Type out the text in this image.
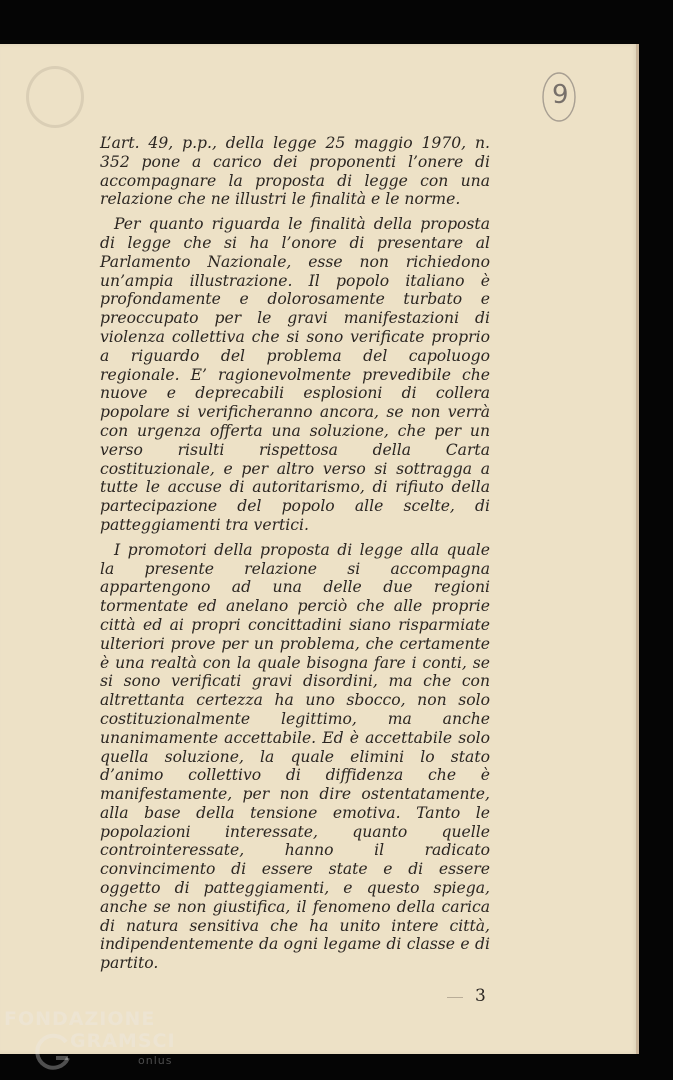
9

L’art. 49, p.p., della legge 25 maggio 1970, n. 352 pone a carico dei proponenti l’onere di accompagnare la proposta di legge con una relazione che ne illustri le finalità e le norme.

Per quanto riguarda le finalità della proposta di legge che si ha l’onore di presentare al Parlamento Nazionale, esse non richiedono un’ampia illustrazione. Il popolo italiano è profondamente e dolorosamente turbato e preoccupato per le gravi manifestazioni di violenza collettiva che si sono verificate proprio a riguardo del problema del capoluogo regionale. E’ ragionevolmente prevedibile che nuove e deprecabili esplosioni di collera popolare si verificheranno ancora, se non verrà con urgenza offerta una soluzione, che per un verso risulti rispettosa della Carta costituzionale, e per altro verso si sottragga a tutte le accuse di autoritarismo, di rifiuto della partecipazione del popolo alle scelte, di patteggiamenti tra vertici.

I promotori della proposta di legge alla quale la presente relazione si accompagna appartengono ad una delle due regioni tormentate ed anelano perciò che alle proprie città ed ai propri concittadini siano risparmiate ulteriori prove per un problema, che certamente è una realtà con la quale bisogna fare i conti, se si sono verificati gravi disordini, ma che con altrettanta certezza ha uno sbocco, non solo costituzionalmente legittimo, ma anche unanimamente accettabile. Ed è accettabile solo quella soluzione, la quale elimini lo stato d’animo collettivo di diffidenza che è manifestamente, per non dire ostentatamente, alla base della tensione emotiva. Tanto le popolazioni interessate, quanto quelle controinteressate, hanno il radicato convincimento di essere state e di essere oggetto di patteggiamenti, e questo spiega, anche se non giustifica, il fenomeno della carica di natura sensitiva che ha unito intere città, indipendentemente da ogni legame di classe e di partito.

3
FONDAZIONE
GRAMSCI
onlus
